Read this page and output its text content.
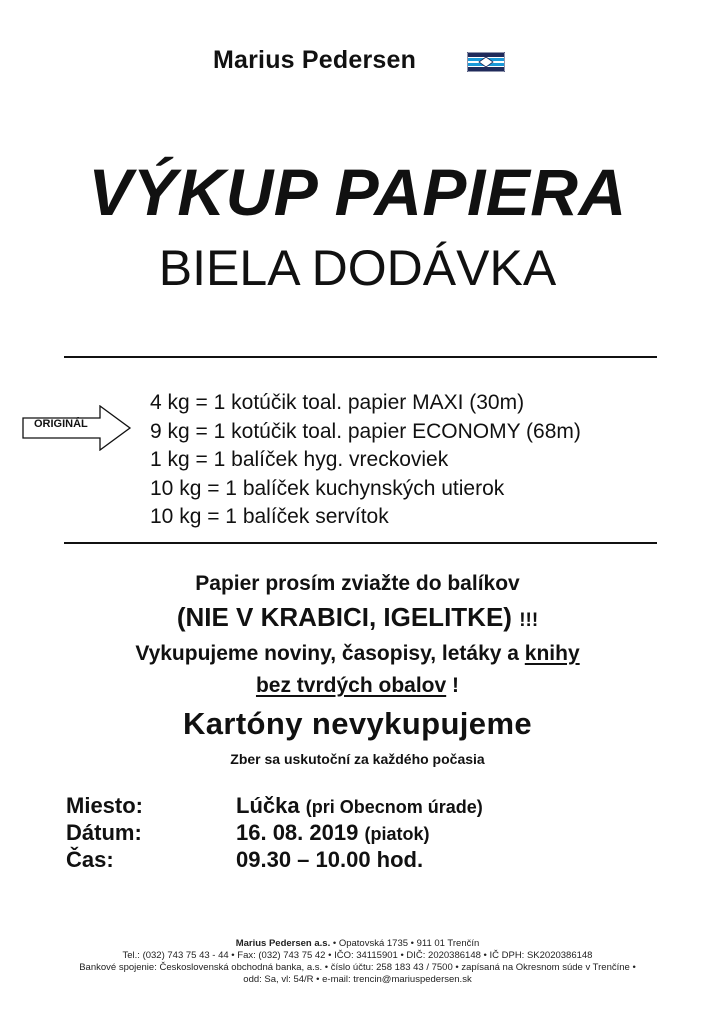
Marius Pedersen
VÝKUP PAPIERA
BIELA DODÁVKA
ORIGINÁL
4 kg = 1 kotúčik toal. papier MAXI (30m)
9 kg = 1 kotúčik toal. papier ECONOMY (68m)
1 kg = 1 balíček hyg. vreckoviek
10 kg = 1 balíček kuchynských utierok
10 kg = 1 balíček servítok
Papier prosím zviažte do balíkov
(NIE V KRABICI, IGELITKE) !!!
Vykupujeme noviny, časopisy, letáky a knihy
bez tvrdých obalov !
Kartóny nevykupujeme
Zber sa uskutoční za každého počasia
Miesto:	Lúčka (pri Obecnom úrade)
Dátum:	16. 08. 2019 (piatok)
Čas:	09.30 – 10.00 hod.
Marius Pedersen a.s. • Opatovská 1735 • 911 01 Trenčín
Tel.: (032) 743 75 43 - 44 • Fax: (032) 743 75 42 • IČO: 34115901 • DIČ: 2020386148 • IČ DPH: SK2020386148
Bankové spojenie: Československá obchodná banka, a.s. • číslo účtu: 258 183 43 / 7500 • zapísaná na Okresnom súde v Trenčíne •
odd: Sa, vl: 54/R • e-mail: trencin@mariuspedersen.sk
